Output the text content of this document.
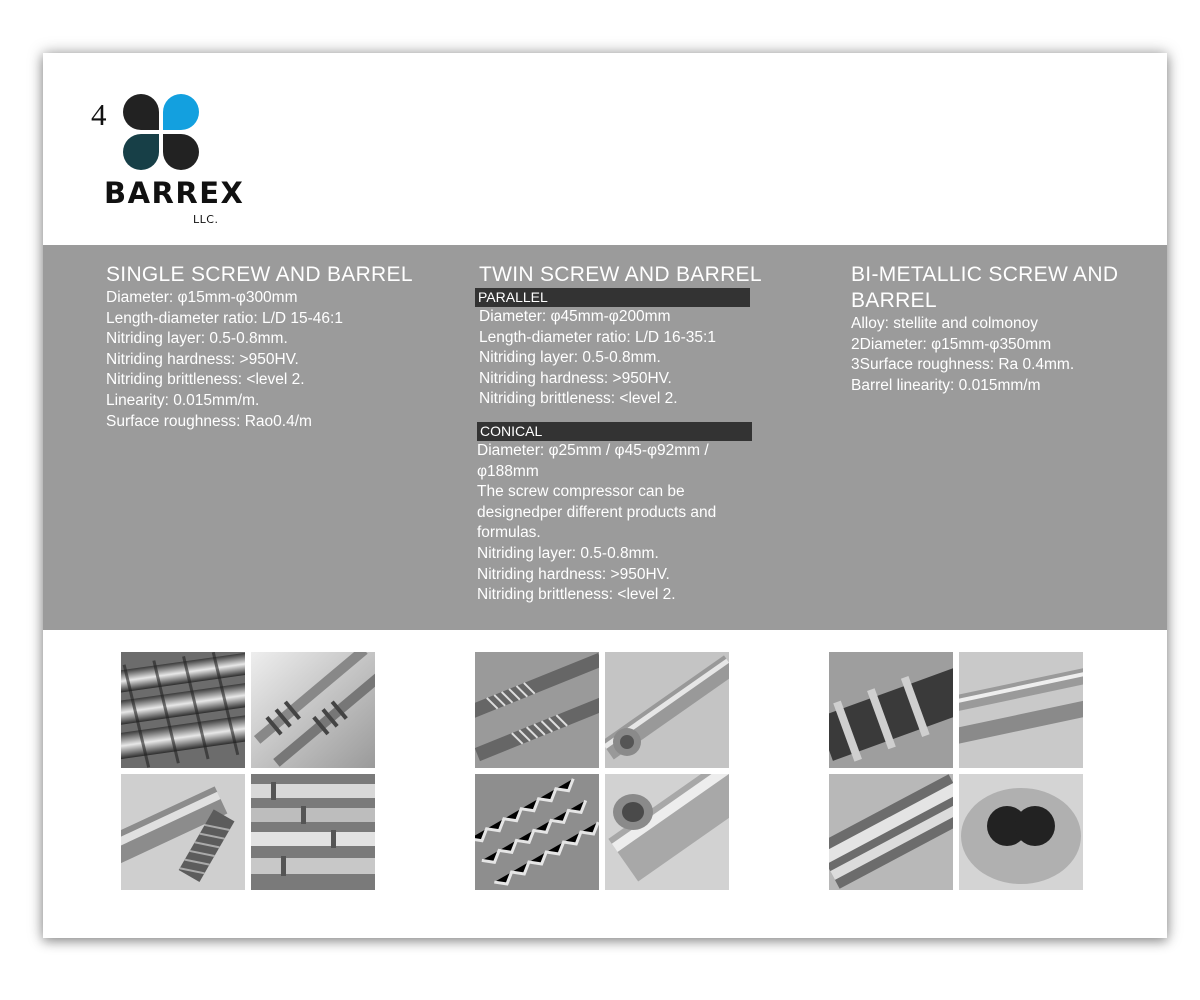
4
BARREX
LLC.
SINGLE SCREW AND BARREL

Diameter: φ15mm-φ300mm

Length-diameter ratio: L/D 15-46:1

Nitriding layer: 0.5-0.8mm.

Nitriding hardness: >950HV.

Nitriding brittleness: <level 2.

Linearity: 0.015mm/m.

Surface roughness: Rao0.4/m

TWIN SCREW AND BARREL
PARALLEL

Diameter: φ45mm-φ200mm

Length-diameter ratio: L/D 16-35:1

Nitriding layer: 0.5-0.8mm.

Nitriding hardness: >950HV.

Nitriding brittleness: <level 2.

CONICAL

Diameter: φ25mm / φ45-φ92mm / φ188mm

The screw compressor can be designedper different products and formulas.

Nitriding layer: 0.5-0.8mm.

Nitriding hardness: >950HV.

Nitriding brittleness: <level 2.

BI-METALLIC SCREW AND BARREL

Alloy: stellite and colmonoy

2Diameter: φ15mm-φ350mm

3Surface roughness: Ra 0.4mm.

Barrel linearity: 0.015mm/m
